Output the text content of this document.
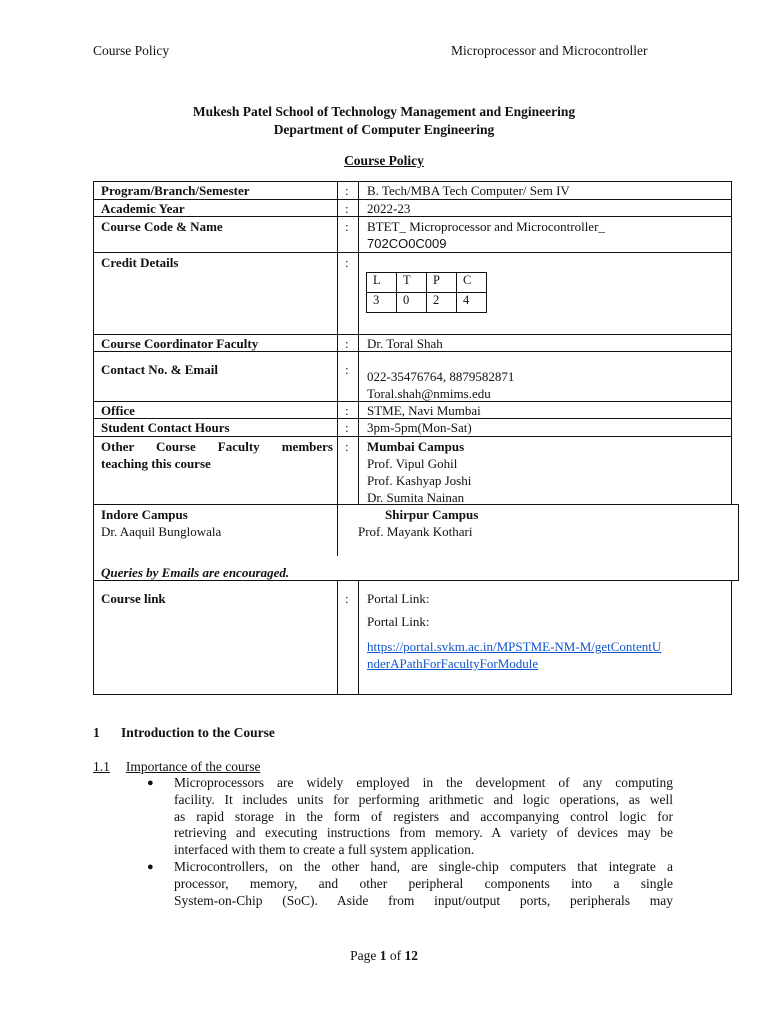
Course Policy	Microprocessor and Microcontroller
Mukesh Patel School of Technology Management and Engineering
Department of Computer Engineering
Course Policy
Program/Branch/Semester	:	B. Tech/MBA Tech Computer/ Sem IV
Academic Year	:	2022-23
Course Code & Name	:	BTET_ Microprocessor and Microcontroller_
702CO0C009
Credit Details	:
L	T	P	C
3	0	2	4
Course Coordinator Faculty	:	Dr. Toral Shah
Contact No. & Email	:	022-35476764, 8879582871
Toral.shah@nmims.edu
Office	:	STME, Navi Mumbai
Student Contact Hours	:	3pm-5pm(Mon-Sat)
Other Course Faculty members
teaching this course
:	Mumbai Campus
Prof. Vipul Gohil
Prof. Kashyap Joshi
Dr. Sumita Nainan
Indore Campus
Dr. Aaquil Bunglowala
Shirpur Campus
Prof. Mayank Kothari
Queries by Emails are encouraged.
Course link	:	Portal Link:
Portal Link:
https://portal.svkm.ac.in/MPSTME-NM-M/getContentU
nderAPathForFacultyForModule
1 Introduction to the Course
1.1 Importance of the course
● Microprocessors are widely employed in the development of any computing
facility. It includes units for performing arithmetic and logic operations, as well
as rapid storage in the form of registers and accompanying control logic for
retrieving and executing instructions from memory. A variety of devices may be
interfaced with them to create a full system application.
● Microcontrollers, on the other hand, are single-chip computers that integrate a
processor, memory, and other peripheral components into a single
System-on-Chip (SoC). Aside from input/output ports, peripherals may
Page 1 of 12
